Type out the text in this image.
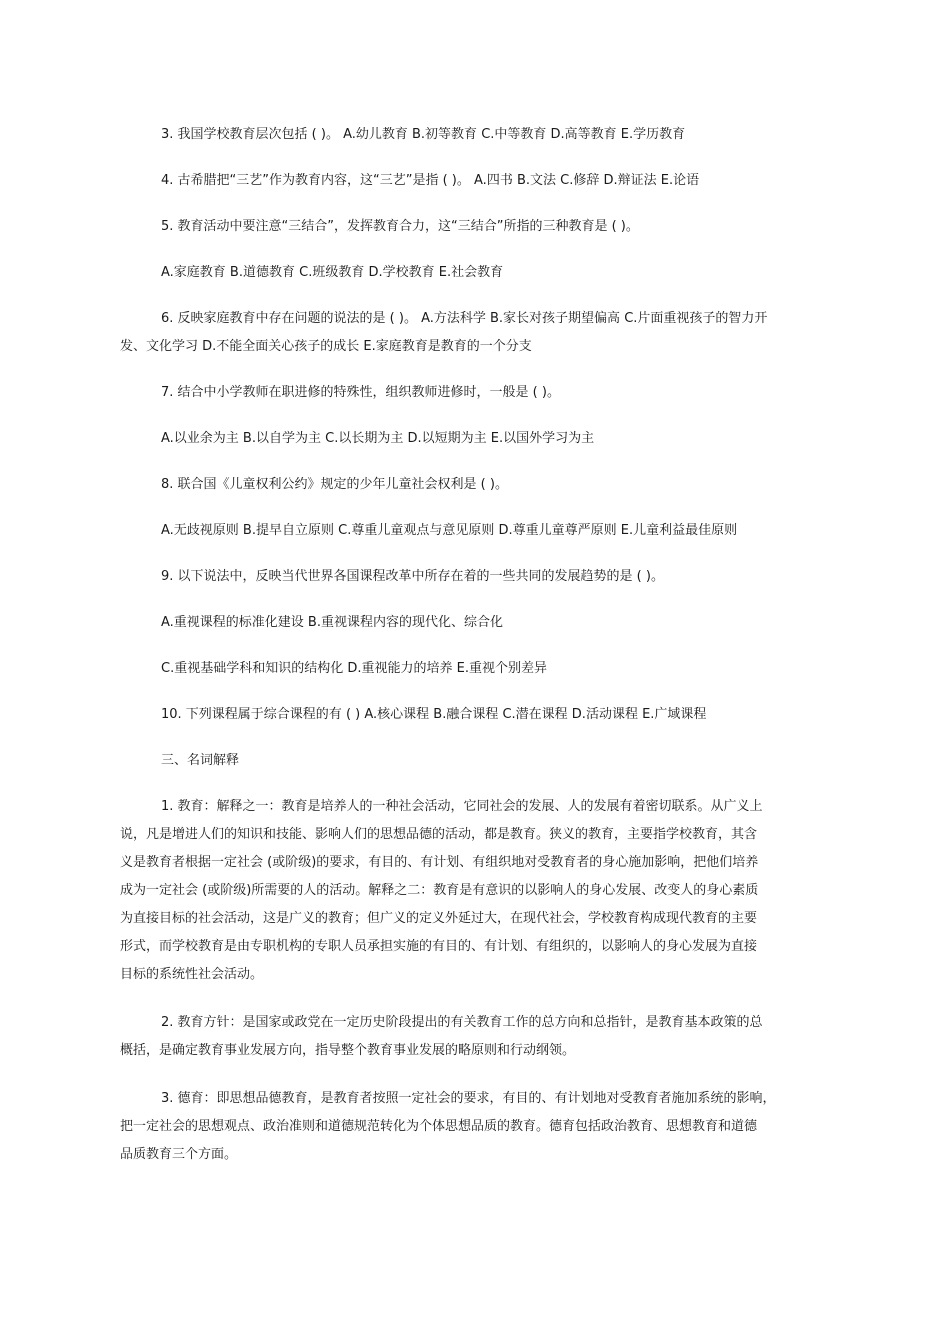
3. 我国学校教育层次包括 ( )。 A.幼儿教育 B.初等教育 C.中等教育 D.高等教育 E.学历教育
4. 古希腊把“三艺”作为教育内容，这“三艺”是指 ( )。 A.四书 B.文法 C.修辞 D.辩证法 E.论语
5. 教育活动中要注意“三结合”，发挥教育合力，这“三结合”所指的三种教育是 ( )。
A.家庭教育 B.道德教育 C.班级教育 D.学校教育 E.社会教育
6. 反映家庭教育中存在问题的说法的是 ( )。 A.方法科学 B.家长对孩子期望偏高 C.片面重视孩子的智力开
发、文化学习 D.不能全面关心孩子的成长 E.家庭教育是教育的一个分支
7. 结合中小学教师在职进修的特殊性，组织教师进修时，一般是 ( )。
A.以业余为主 B.以自学为主 C.以长期为主 D.以短期为主 E.以国外学习为主
8. 联合国《儿童权利公约》规定的少年儿童社会权利是 ( )。
A.无歧视原则 B.提早自立原则 C.尊重儿童观点与意见原则 D.尊重儿童尊严原则 E.儿童利益最佳原则
9. 以下说法中，反映当代世界各国课程改革中所存在着的一些共同的发展趋势的是 ( )。
A.重视课程的标准化建设 B.重视课程内容的现代化、综合化
C.重视基础学科和知识的结构化 D.重视能力的培养 E.重视个别差异
10. 下列课程属于综合课程的有 ( ) A.核心课程 B.融合课程 C.潜在课程 D.活动课程 E.广域课程
三、名词解释
1. 教育：解释之一：教育是培养人的一种社会活动，它同社会的发展、人的发展有着密切联系。从广义上
说，凡是增进人们的知识和技能、影响人们的思想品德的活动，都是教育。狭义的教育，主要指学校教育，其含
义是教育者根据一定社会 (或阶级)的要求，有目的、有计划、有组织地对受教育者的身心施加影响，把他们培养
成为一定社会 (或阶级)所需要的人的活动。解释之二：教育是有意识的以影响人的身心发展、改变人的身心素质
为直接目标的社会活动，这是广义的教育；但广义的定义外延过大，在现代社会，学校教育构成现代教育的主要
形式，而学校教育是由专职机构的专职人员承担实施的有目的、有计划、有组织的，以影响人的身心发展为直接
目标的系统性社会活动。
2. 教育方针：是国家或政党在一定历史阶段提出的有关教育工作的总方向和总指针，是教育基本政策的总
概括，是确定教育事业发展方向，指导整个教育事业发展的略原则和行动纲领。
3. 德育：即思想品德教育，是教育者按照一定社会的要求，有目的、有计划地对受教育者施加系统的影响，
把一定社会的思想观点、政治准则和道德规范转化为个体思想品质的教育。德育包括政治教育、思想教育和道德
品质教育三个方面。
